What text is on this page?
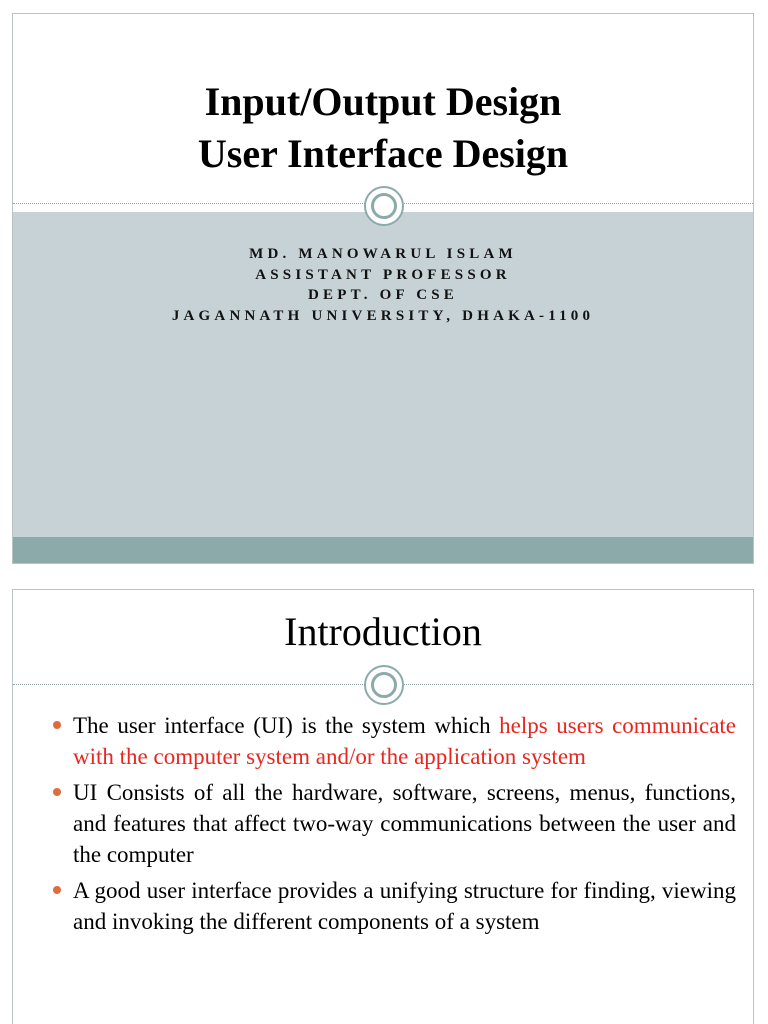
Input/Output Design
User Interface Design
MD. MANOWARUL ISLAM
ASSISTANT PROFESSOR
DEPT. OF CSE
JAGANNATH UNIVERSITY, DHAKA-1100
Introduction
The user interface (UI) is the system which helps users communicate with the computer system and/or the application system
UI Consists of all the hardware, software, screens, menus, functions, and features that affect two-way communications between the user and the computer
A good user interface provides a unifying structure for finding, viewing and invoking the different components of a system
